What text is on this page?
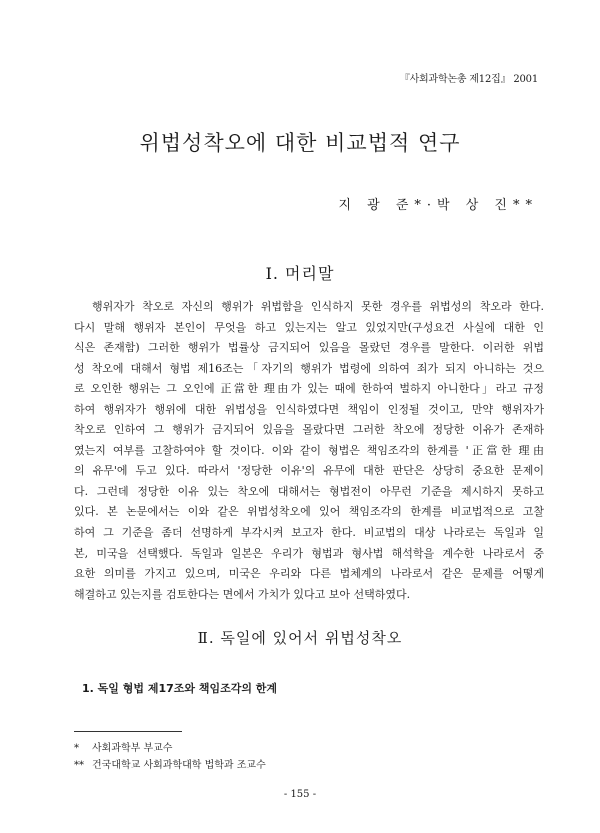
『사회과학논총 제12집』 2001
위법성착오에 대한 비교법적 연구
지 광 준*·박 상 진**
Ⅰ. 머리말
행위자가 착오로 자신의 행위가 위법함을 인식하지 못한 경우를 위법성의 착오라 한다.
다시 말해 행위자 본인이 무엇을 하고 있는지는 알고 있었지만(구성요건 사실에 대한 인
식은 존재함) 그러한 행위가 법률상 금지되어 있음을 몰랐던 경우를 말한다. 이러한 위법
성 착오에 대해서 형법 제16조는「자기의 행위가 법령에 의하여 죄가 되지 아니하는 것으
로 오인한 행위는 그 오인에 正當한 理由가 있는 때에 한하여 벌하지 아니한다」라고 규정
하여 행위자가 행위에 대한 위법성을 인식하였다면 책임이 인정될 것이고, 만약 행위자가
착오로 인하여 그 행위가 금지되어 있음을 몰랐다면 그러한 착오에 정당한 이유가 존재하
였는지 여부를 고찰하여야 할 것이다. 이와 같이 형법은 책임조각의 한계를 '正當한 理由
의 유무'에 두고 있다. 따라서 '정당한 이유'의 유무에 대한 판단은 상당히 중요한 문제이
다. 그런데 정당한 이유 있는 착오에 대해서는 형법전이 아무런 기준을 제시하지 못하고
있다. 본 논문에서는 이와 같은 위법성착오에 있어 책임조각의 한계를 비교법적으로 고찰
하여 그 기준을 좀더 선명하게 부각시켜 보고자 한다. 비교법의 대상 나라로는 독일과 일
본, 미국을 선택했다. 독일과 일본은 우리가 형법과 형사법 해석학을 계수한 나라로서 중
요한 의미를 가지고 있으며, 미국은 우리와 다른 법체계의 나라로서 같은 문제를 어떻게
해결하고 있는지를 검토한다는 면에서 가치가 있다고 보아 선택하였다.
Ⅱ. 독일에 있어서 위법성착오
1. 독일 형법 제17조와 책임조각의 한계
* 사회과학부 부교수
** 건국대학교 사회과학대학 법학과 조교수
- 155 -
